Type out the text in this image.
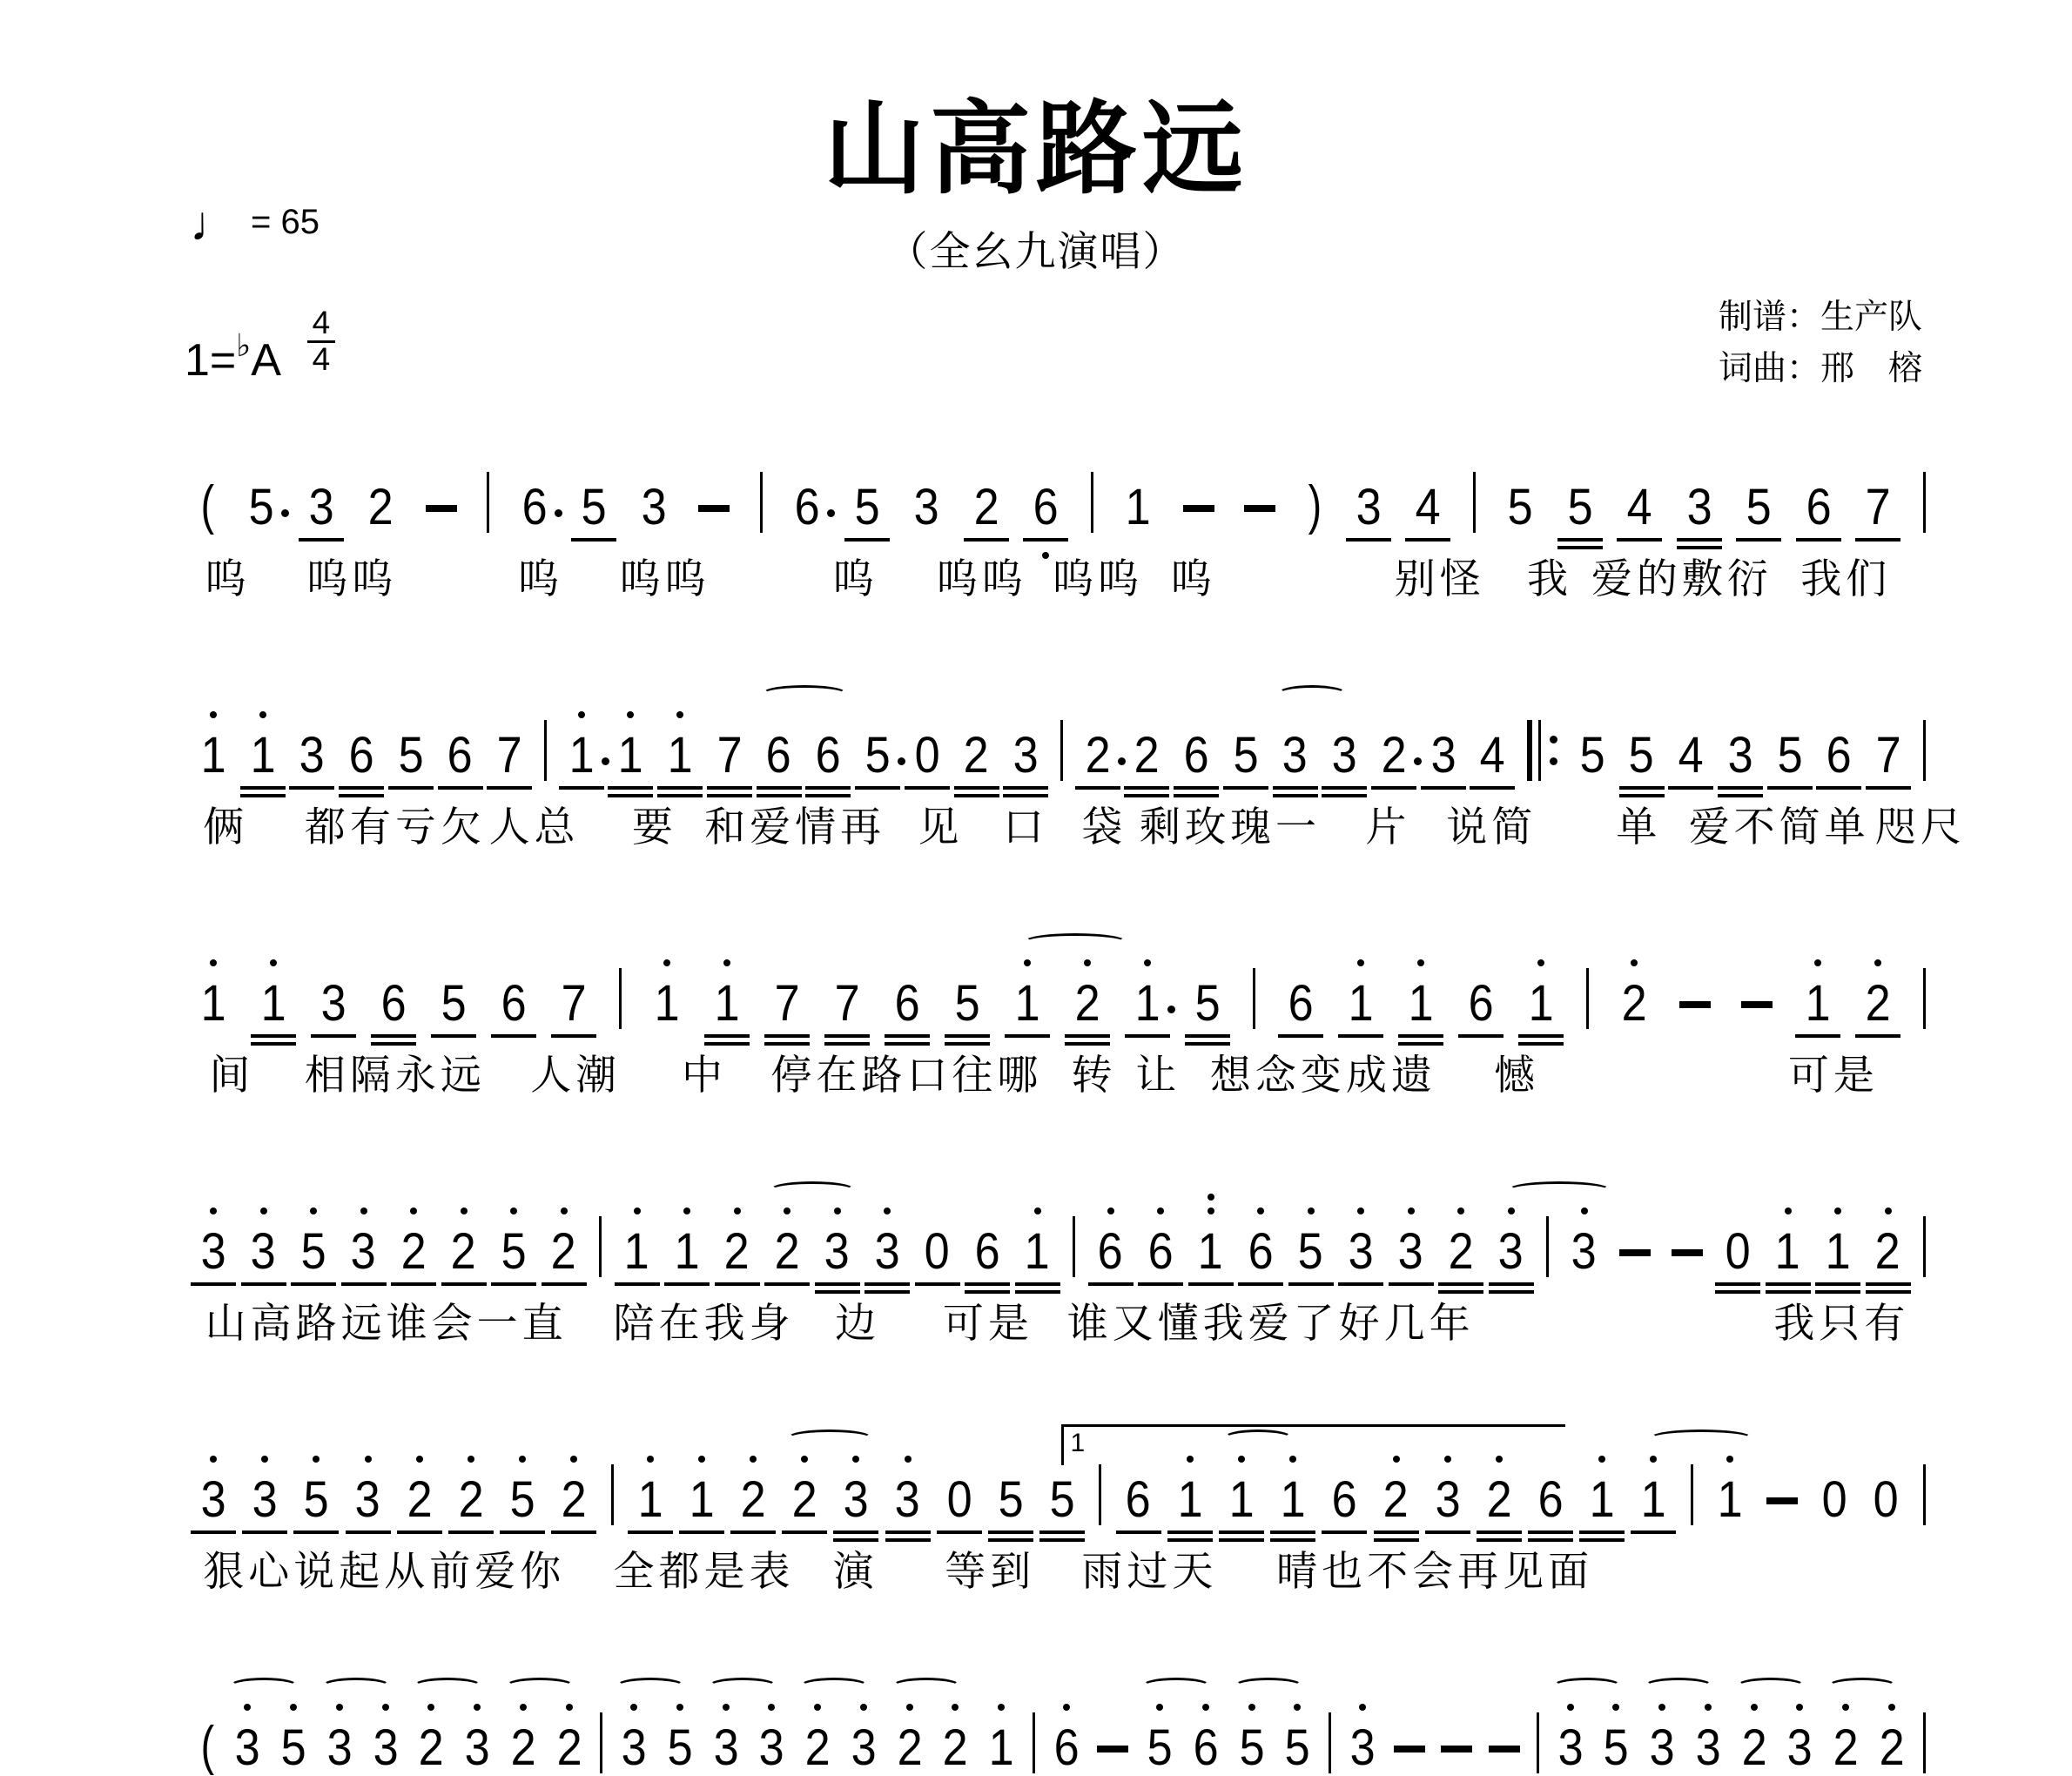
山高路远
（全幺九演唱）
♩ = 65
$1=^♭A \frac{4}{4}$	制谱：生产队
词曲：邢　榕
1
( 5 3 2	6 5 3	6 5 3 2 6 1	) 3 4 5 5 4 3 5 6 7
呜 呜呜	呜 呜呜	呜 呜呜 呜呜 呜	别怪 我 爱的敷衍 我们
1 1 3 6 5 6 7 1 1 1 7 6 6 5 0 2 3 2 2 6 5 3 3 2 3 4 5 5 4 3 5 6 7
俩 都有亏欠 人总 要 和爱情再 见 口 袋 剩玫瑰一 片 说简 单 爱不简单 咫尺
1 1 3 6 5 6 7 1 1 7 7 6 5 1 2 1 5 6 1 1 6 1 2	1 2
间 相隔永远 人潮 中 停在路口往哪 转 让 想念变成遗 憾	可是
3 3 5 3 2 2 5 2 1 1 2 2 3 3 0 6 1 6 6 1 6 5 3 3 2 3 3	0 1 1 2
山高路远谁会一直 陪在我身 边 可是 谁又懂我爱了好几年	我只有
3 3 5 3 2 2 5 2 1 1 2 2 3 3 0 5 5 6 1 1 1 6 2 3 2 6 1 1 1 0 0
狠心说起从前爱你 全都是表 演 等到 雨过天 晴也不会再见面
( 3 5 3 3 2 3 2 2 3 5 3 3 2 3 2 2 1 6 5 6 5 5 3	3 5 3 3 2 3 2 2
